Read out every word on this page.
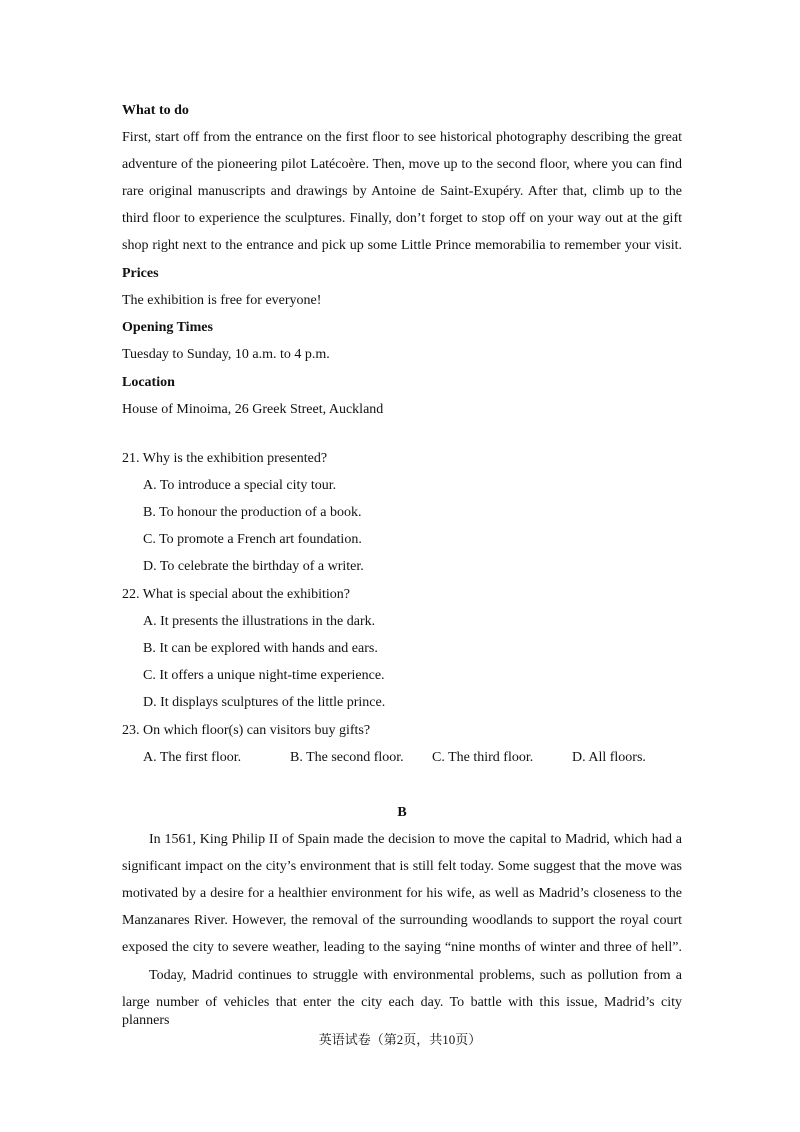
What to do
First, start off from the entrance on the first floor to see historical photography describing the great
adventure of the pioneering pilot Latécoère. Then, move up to the second floor, where you can find
rare original manuscripts and drawings by Antoine de Saint-Exupéry. After that, climb up to the
third floor to experience the sculptures. Finally, don’t forget to stop off on your way out at the gift
shop right next to the entrance and pick up some Little Prince memorabilia to remember your visit.
Prices
The exhibition is free for everyone!
Opening Times
Tuesday to Sunday, 10 a.m. to 4 p.m.
Location
House of Minoima, 26 Greek Street, Auckland
21. Why is the exhibition presented?
A. To introduce a special city tour.
B. To honour the production of a book.
C. To promote a French art foundation.
D. To celebrate the birthday of a writer.
22. What is special about the exhibition?
A. It presents the illustrations in the dark.
B. It can be explored with hands and ears.
C. It offers a unique night-time experience.
D. It displays sculptures of the little prince.
23. On which floor(s) can visitors buy gifts?
A. The first floor.	B. The second floor. C. The third floor.	D. All floors.
B
In 1561, King Philip II of Spain made the decision to move the capital to Madrid, which had a
significant impact on the city’s environment that is still felt today. Some suggest that the move was
motivated by a desire for a healthier environment for his wife, as well as Madrid’s closeness to the
Manzanares River. However, the removal of the surrounding woodlands to support the royal court
exposed the city to severe weather, leading to the saying “nine months of winter and three of hell”.
Today, Madrid continues to struggle with environmental problems, such as pollution from a
large number of vehicles that enter the city each day. To battle with this issue, Madrid’s city planners
英语试卷（第2页，共10页）
